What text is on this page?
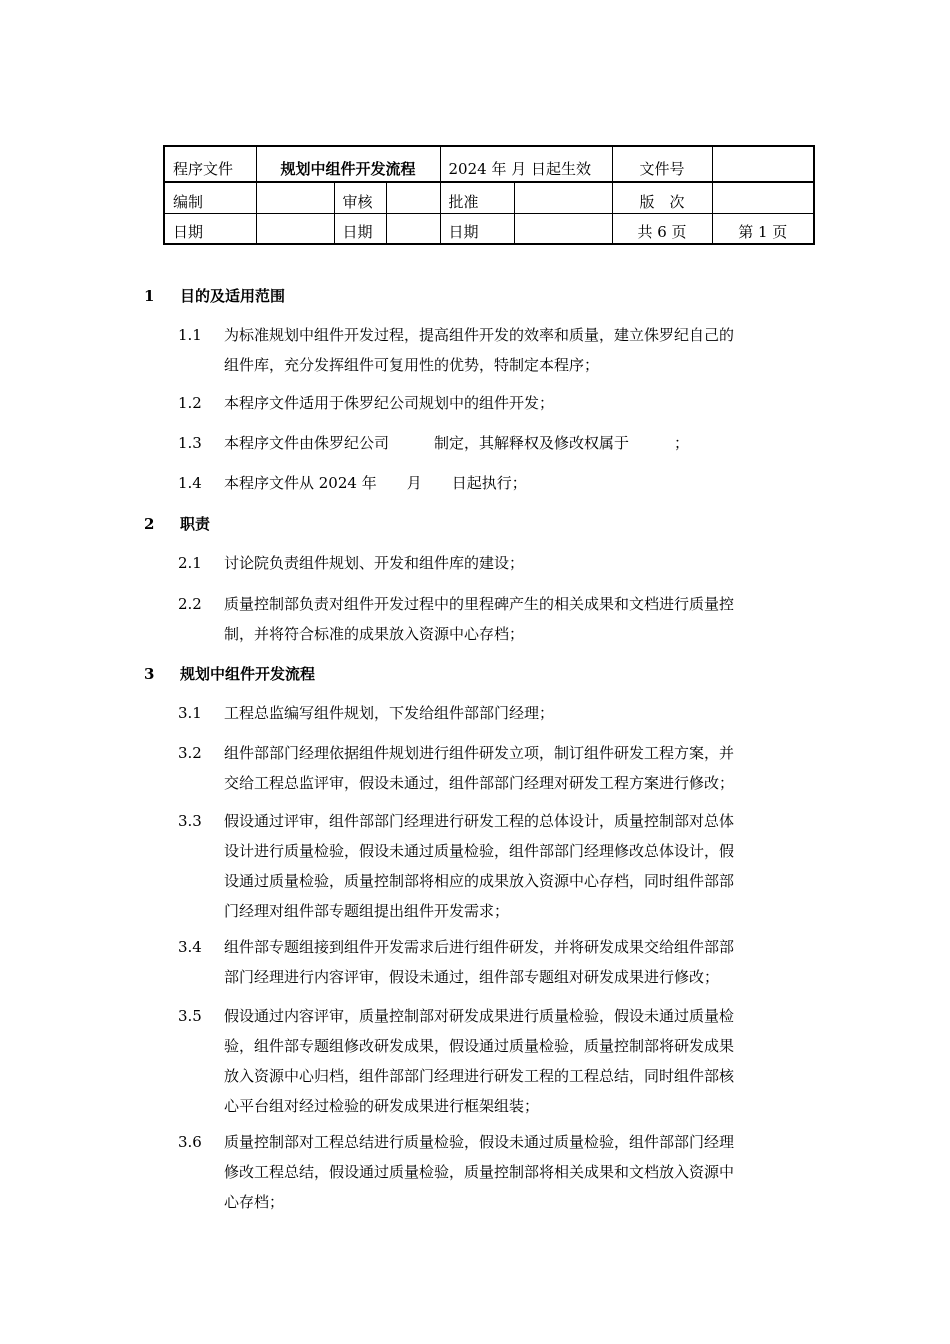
程序文件	规划中组件开发流程			2024 年 月 日起生效		文件号	
编制		审核		批准		版　次	
日期		日期		日期		共 6 页	第 1 页
1 目的及适用范围
1.1 为标准规划中组件开发过程，提高组件开发的效率和质量，建立侏罗纪自己的
组件库，充分发挥组件可复用性的优势，特制定本程序；
1.2 本程序文件适用于侏罗纪公司规划中的组件开发；
1.3 本程序文件由侏罗纪公司　　　制定，其解释权及修改权属于　　　；
1.4 本程序文件从 2024 年　　月　　日起执行；
2 职责
2.1 讨论院负责组件规划、开发和组件库的建设；
2.2 质量控制部负责对组件开发过程中的里程碑产生的相关成果和文档进行质量控
制，并将符合标准的成果放入资源中心存档；
3 规划中组件开发流程
3.1 工程总监编写组件规划，下发给组件部部门经理；
3.2 组件部部门经理依据组件规划进行组件研发立项，制订组件研发工程方案，并
交给工程总监评审，假设未通过，组件部部门经理对研发工程方案进行修改；
3.3 假设通过评审，组件部部门经理进行研发工程的总体设计，质量控制部对总体
设计进行质量检验，假设未通过质量检验，组件部部门经理修改总体设计，假
设通过质量检验，质量控制部将相应的成果放入资源中心存档，同时组件部部
门经理对组件部专题组提出组件开发需求；
3.4 组件部专题组接到组件开发需求后进行组件研发，并将研发成果交给组件部部
部门经理进行内容评审，假设未通过，组件部专题组对研发成果进行修改；
3.5 假设通过内容评审，质量控制部对研发成果进行质量检验，假设未通过质量检
验，组件部专题组修改研发成果，假设通过质量检验，质量控制部将研发成果
放入资源中心归档，组件部部门经理进行研发工程的工程总结，同时组件部核
心平台组对经过检验的研发成果进行框架组装；
3.6 质量控制部对工程总结进行质量检验，假设未通过质量检验，组件部部门经理
修改工程总结，假设通过质量检验，质量控制部将相关成果和文档放入资源中
心存档；
